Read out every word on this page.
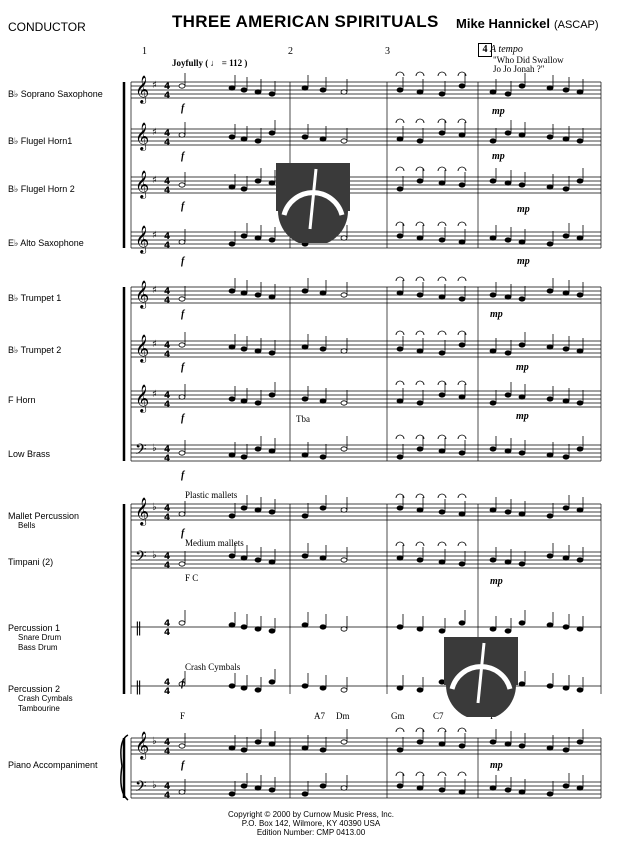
CONDUCTOR	THREE AMERICAN SPIRITUALS Mike Hannickel (ASCAP)
1	2	3	4 A tempo
"Who Did Swallow
Jo Jo Jonah ?"
Joyfully ( ♩ = 112 )
B♭ Soprano Saxophone
B♭ Flugel Horn1
B♭ Flugel Horn 2
E♭ Alto Saxophone
B♭ Trumpet 1
B♭ Trumpet 2
F Horn
Low Brass
Mallet Percussion
Bells
Timpani (2)
Percussion 1
Snare Drum
Bass Drum
Percussion 2
Crash Cymbals
Tambourine
Piano Accompaniment
𝄞 ♯ 4
4
𝄞 ♯ 4
4
𝄞 ♯ 4
4
𝄞 ♯ 4
4
𝄞 ♯ 4
4
𝄞 ♯ 4
4
𝄞 ♯ 4
4
𝄢 ♭ 4
4
𝄞 ♭ 4
4
𝄢 ♭ 4
4
‖ 4
4
‖ 4
4
𝄞 ♭ 4
4
𝄢 ♭ 4
4
Plastic mallets
Medium mallets
F C
Crash Cymbals
Tba
F	A7 Dm	Gm	C7
f
f
f
f
f
f
f
f
f
f
f
mp
mp
mp
mp
mp
mp
mp
mp
mp
Copyright © 2000 by Curnow Music Press, Inc.
P.O. Box 142, Wilmore, KY 40390 USA
Edition Number: CMP 0413.00
